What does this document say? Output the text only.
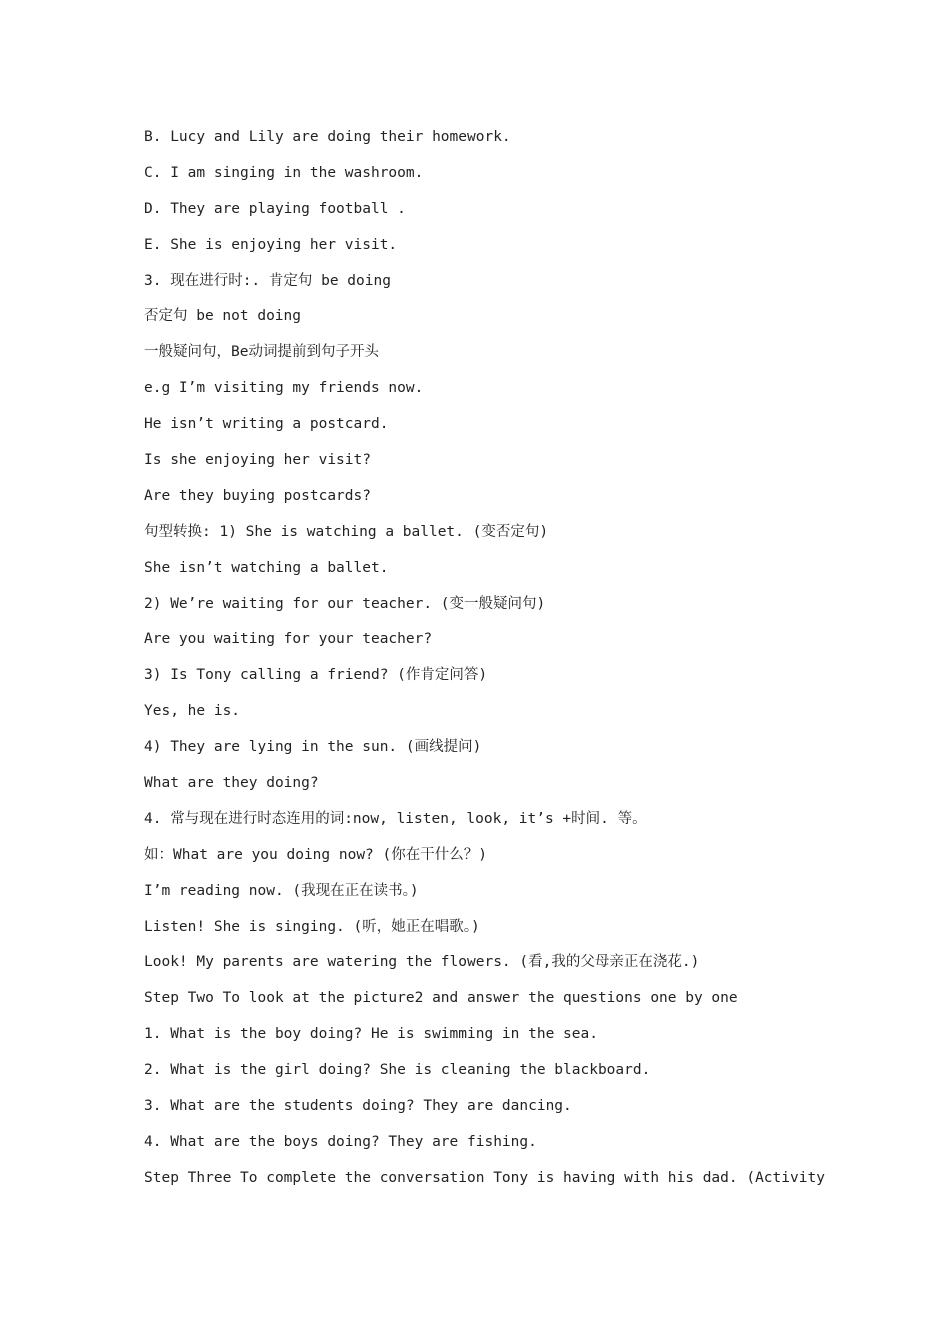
B. Lucy and Lily are doing their homework.
C. I am singing in the washroom.
D. They are playing football .
E. She is enjoying her visit.
3. 现在进行时:. 肯定句 be doing
否定句 be not doing
一般疑问句，Be动词提前到句子开头
e.g I’m visiting my friends now.
He isn’t writing a postcard.
Is she enjoying her visit?
Are they buying postcards?
句型转换: 1) She is watching a ballet. (变否定句)
She isn’t watching a ballet.
2) We’re waiting for our teacher. (变一般疑问句)
Are you waiting for your teacher?
3) Is Tony calling a friend? (作肯定问答)
Yes, he is.
4) They are lying in the sun. (画线提问)
What are they doing?
4. 常与现在进行时态连用的词:now, listen, look, it’s +时间. 等。
如：What are you doing now? (你在干什么？)
I’m reading now. (我现在正在读书。)
Listen! She is singing. (听，她正在唱歌。)
Look! My parents are watering the flowers. (看,我的父母亲正在浇花.)
Step Two To look at the picture2 and answer the questions one by one
1. What is the boy doing? He is swimming in the sea.
2. What is the girl doing? She is cleaning the blackboard.
3. What are the students doing? They are dancing.
4. What are the boys doing? They are fishing.
Step Three To complete the conversation Tony is having with his dad. (Activity
